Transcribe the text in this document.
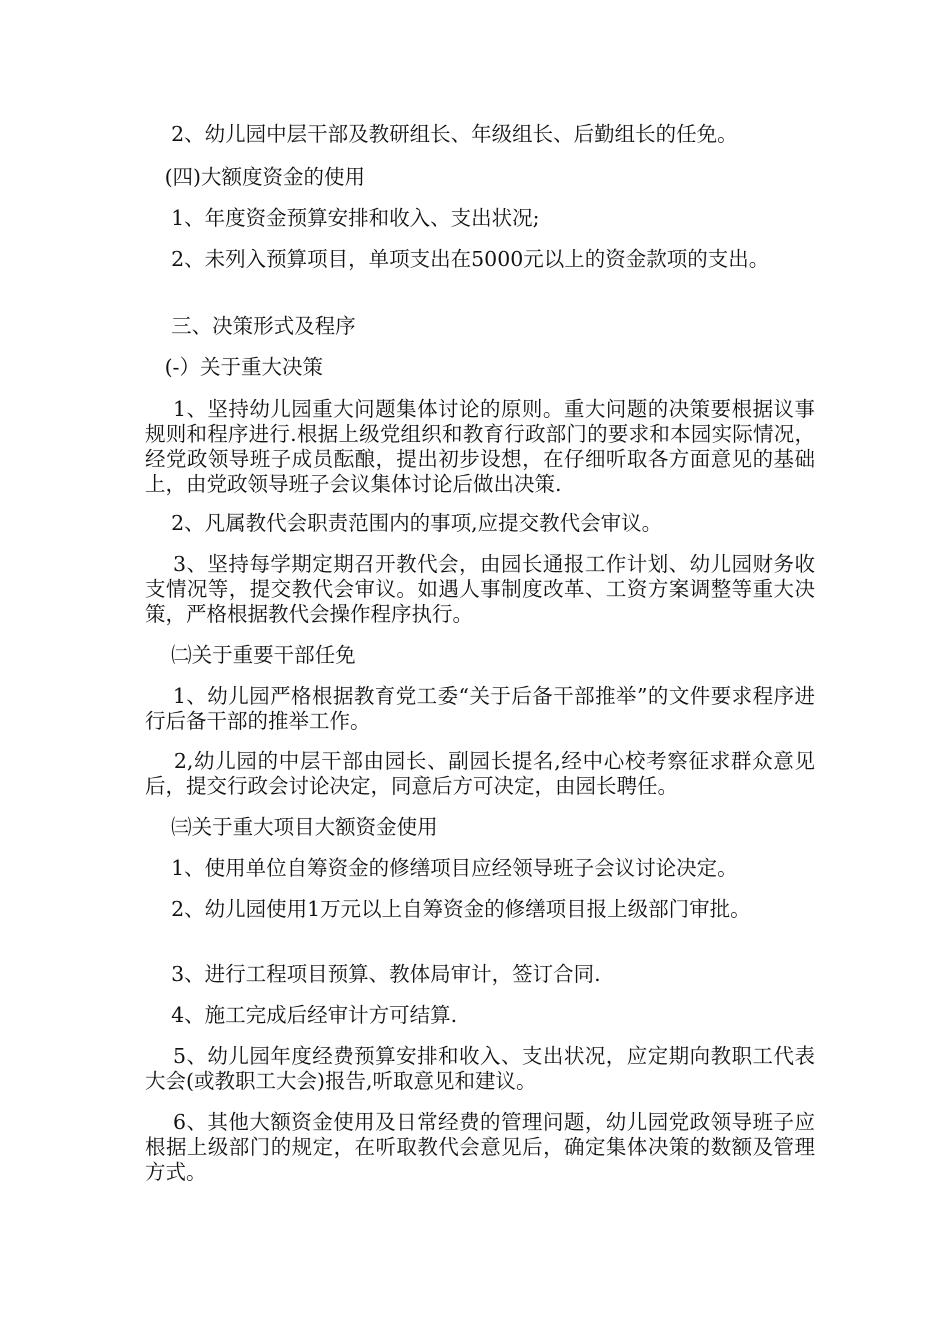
2、幼儿园中层干部及教研组长、年级组长、后勤组长的任免。

(四)大额度资金的使用

1、年度资金预算安排和收入、支出状况;

2、未列入预算项目，单项支出在5000元以上的资金款项的支出。

三、决策形式及程序

(-）关于重大决策

1、坚持幼儿园重大问题集体讨论的原则。重大问题的决策要根据议事规则和程序进行.根据上级党组织和教育行政部门的要求和本园实际情况，经党政领导班子成员酝酿，提出初步设想，在仔细听取各方面意见的基础上，由党政领导班子会议集体讨论后做出决策.

2、凡属教代会职责范围内的事项,应提交教代会审议。

3、坚持每学期定期召开教代会，由园长通报工作计划、幼儿园财务收支情况等，提交教代会审议。如遇人事制度改革、工资方案调整等重大决策，严格根据教代会操作程序执行。

㈡关于重要干部任免

1、幼儿园严格根据教育党工委“关于后备干部推举”的文件要求程序进行后备干部的推举工作。

2,幼儿园的中层干部由园长、副园长提名,经中心校考察征求群众意见后，提交行政会讨论决定，同意后方可决定，由园长聘任。

㈢关于重大项目大额资金使用

1、使用单位自筹资金的修缮项目应经领导班子会议讨论决定。

2、幼儿园使用1万元以上自筹资金的修缮项目报上级部门审批。

3、进行工程项目预算、教体局审计，签订合同.

4、施工完成后经审计方可结算.

5、幼儿园年度经费预算安排和收入、支出状况，应定期向教职工代表大会(或教职工大会)报告,听取意见和建议。

6、其他大额资金使用及日常经费的管理问题，幼儿园党政领导班子应根据上级部门的规定，在听取教代会意见后，确定集体决策的数额及管理方式。
